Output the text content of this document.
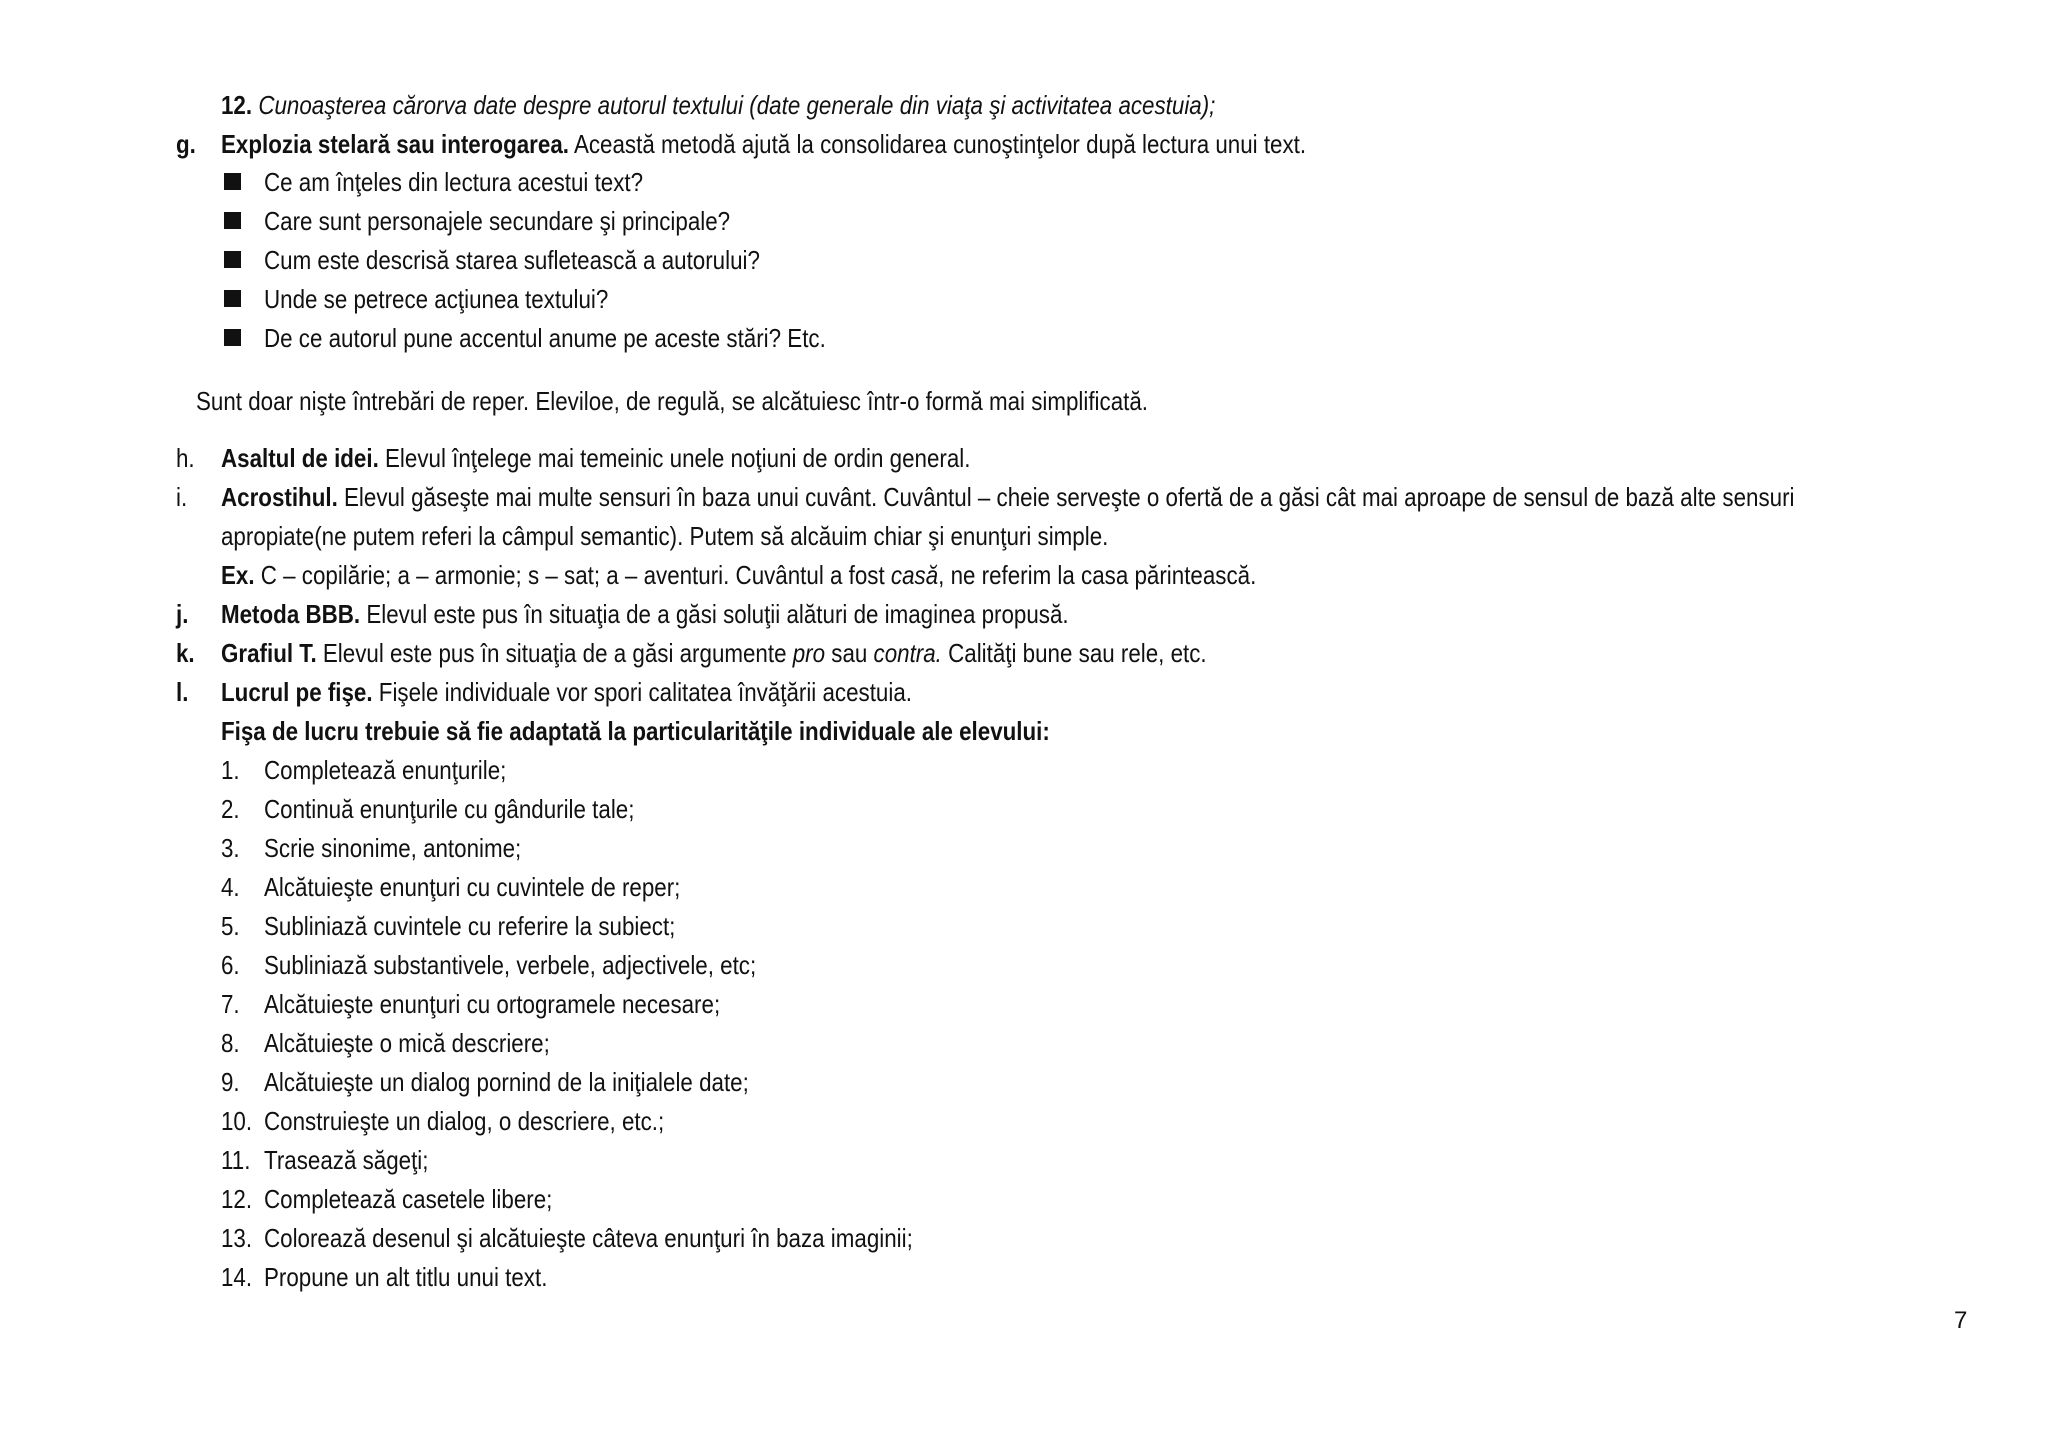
12. Cunoaşterea cărorva date despre autorul textului (date generale din viaţa şi activitatea acestuia);
g. Explozia stelară sau interogarea. Această metodă ajută la consolidarea cunoştinţelor după lectura unui text.
Ce am înţeles din lectura acestui text?
Care sunt personajele secundare şi principale?
Cum este descrisă starea sufletească a autorului?
Unde se petrece acţiunea textului?
De ce autorul pune accentul anume pe aceste stări? Etc.
Sunt doar nişte întrebări de reper. Eleviloe, de regulă, se alcătuiesc într-o formă mai simplificată.
h. Asaltul de idei. Elevul înţelege mai temeinic unele noţiuni de ordin general.
i. Acrostihul. Elevul găseşte mai multe sensuri în baza unui cuvânt. Cuvântul – cheie serveşte o ofertă de a găsi cât mai aproape de sensul de bază alte sensuri
apropiate(ne putem referi la câmpul semantic). Putem să alcăuim chiar şi enunţuri simple.
Ex. C – copilărie; a – armonie; s – sat; a – aventuri. Cuvântul a fost casă, ne referim la casa părintească.
j. Metoda BBB. Elevul este pus în situaţia de a găsi soluţii alături de imaginea propusă.
k. Grafiul T. Elevul este pus în situaţia de a găsi argumente pro sau contra. Calităţi bune sau rele, etc.
l. Lucrul pe fişe. Fişele individuale vor spori calitatea învăţării acestuia.
Fişa de lucru trebuie să fie adaptată la particularităţile individuale ale elevului:
1. Completează enunţurile;
2. Continuă enunţurile cu gândurile tale;
3. Scrie sinonime, antonime;
4. Alcătuieşte enunţuri cu cuvintele de reper;
5. Subliniază cuvintele cu referire la subiect;
6. Subliniază substantivele, verbele, adjectivele, etc;
7. Alcătuieşte enunţuri cu ortogramele necesare;
8. Alcătuieşte o mică descriere;
9. Alcătuieşte un dialog pornind de la iniţialele date;
10. Construieşte un dialog, o descriere, etc.;
11. Trasează săgeţi;
12. Completează casetele libere;
13. Colorează desenul şi alcătuieşte câteva enunţuri în baza imaginii;
14. Propune un alt titlu unui text.
7
